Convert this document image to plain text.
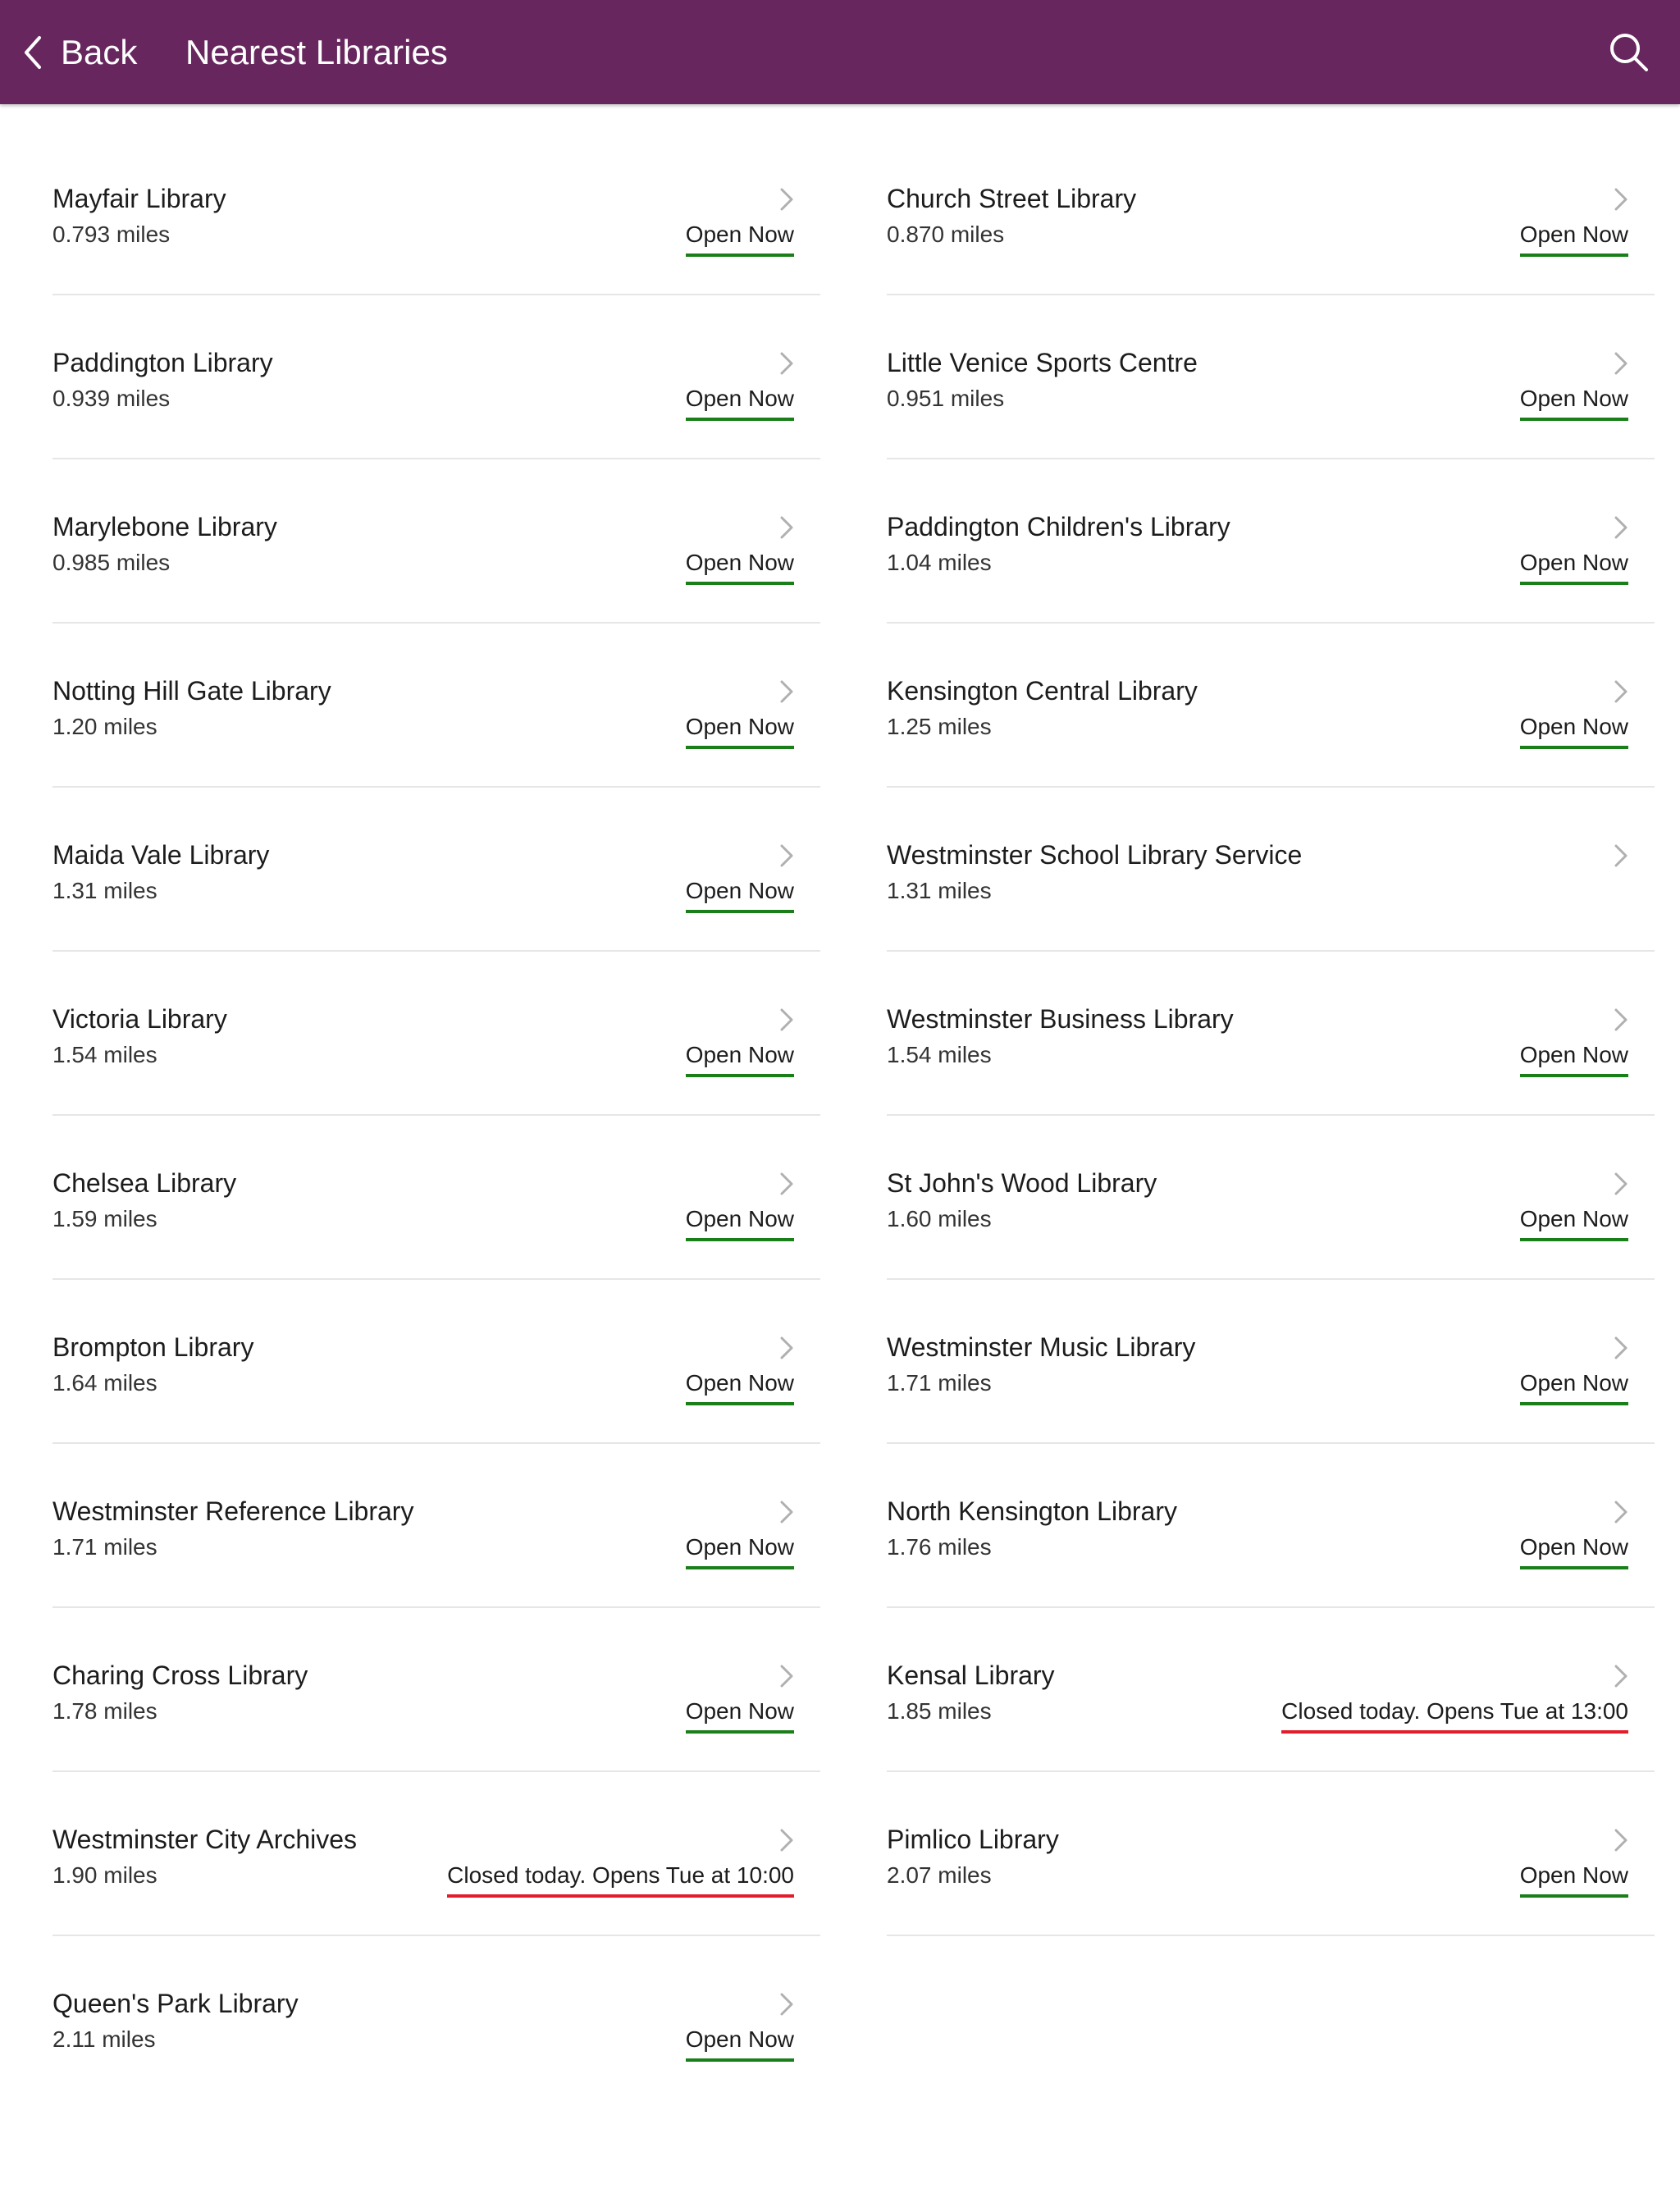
Back Nearest Libraries
Mayfair Library
0.793 miles	Open Now
Paddington Library
0.939 miles	Open Now
Marylebone Library
0.985 miles	Open Now
Notting Hill Gate Library
1.20 miles	Open Now
Maida Vale Library
1.31 miles	Open Now
Victoria Library
1.54 miles	Open Now
Chelsea Library
1.59 miles	Open Now
Brompton Library
1.64 miles	Open Now
Westminster Reference Library
1.71 miles	Open Now
Charing Cross Library
1.78 miles	Open Now
Westminster City Archives
1.90 miles	Closed today. Opens Tue at 10:00
Queen's Park Library
2.11 miles	Open Now
Church Street Library
0.870 miles	Open Now
Little Venice Sports Centre
0.951 miles	Open Now
Paddington Children's Library
1.04 miles	Open Now
Kensington Central Library
1.25 miles	Open Now
Westminster School Library Service
1.31 miles
Westminster Business Library
1.54 miles	Open Now
St John's Wood Library
1.60 miles	Open Now
Westminster Music Library
1.71 miles	Open Now
North Kensington Library
1.76 miles	Open Now
Kensal Library
1.85 miles	Closed today. Opens Tue at 13:00
Pimlico Library
2.07 miles	Open Now
